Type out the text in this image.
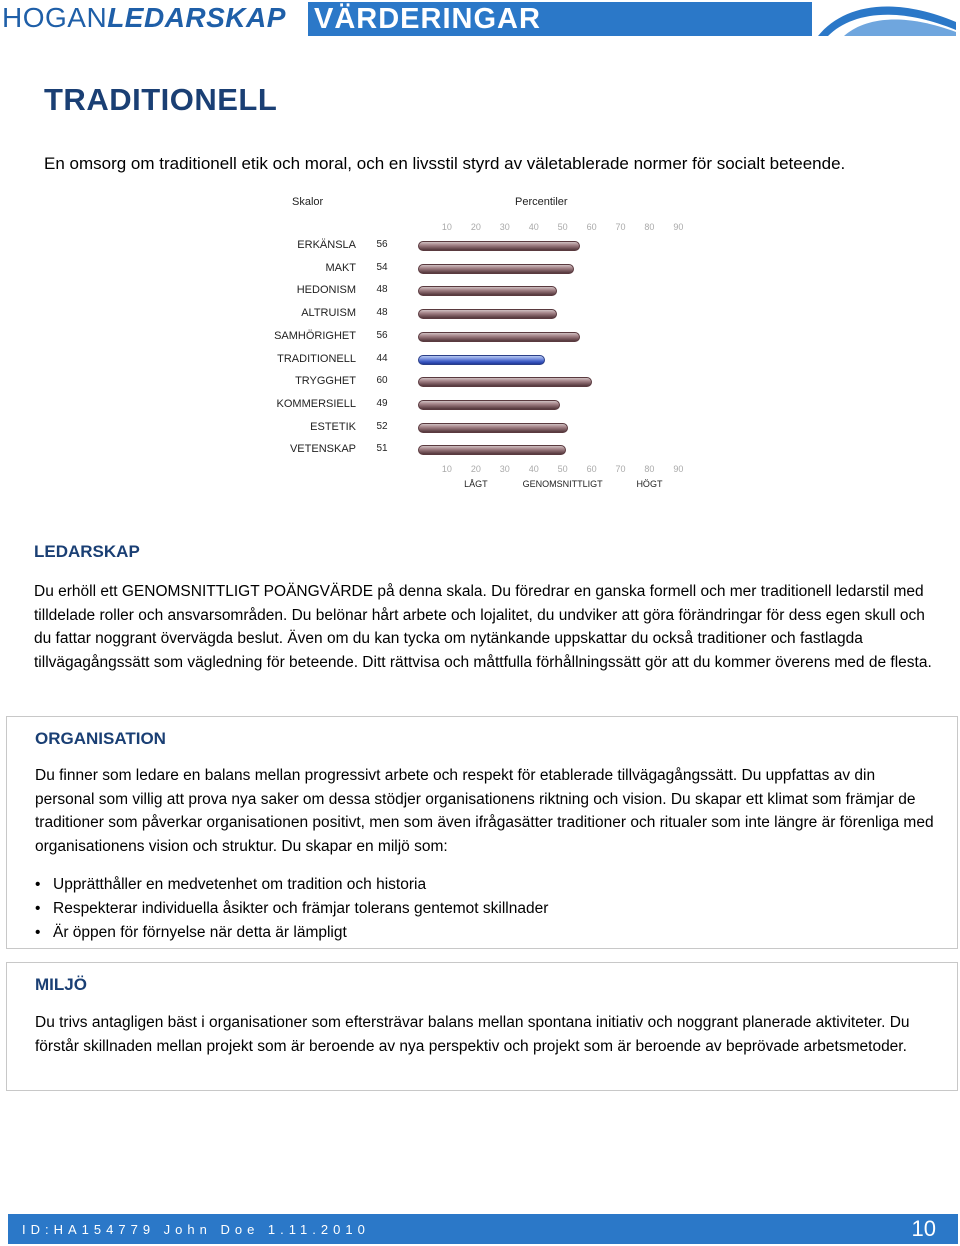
HOGANLEDARSKAP VÄRDERINGAR
TRADITIONELL
En omsorg om traditionell etik och moral, och en livsstil styrd av väletablerade normer för socialt beteende.
Skalor	Percentiler
10
10
20
20
30
30
40
40
50
50
60
60
70
70
80
80
90
90
ERKÄNSLA	56
MAKT	54
HEDONISM	48
ALTRUISM	48
SAMHÖRIGHET	56
TRADITIONELL	44
TRYGGHET	60
KOMMERSIELL	49
ESTETIK	52
VETENSKAP	51
LÅGT	GENOMSNITTLIGT	HÖGT
LEDARSKAP

Du erhöll ett GENOMSNITTLIGT POÄNGVÄRDE på denna skala. Du föredrar en ganska formell och mer traditionell ledarstil med tilldelade roller och ansvarsområden. Du belönar hårt arbete och lojalitet, du undviker att göra förändringar för dess egen skull och du fattar noggrant övervägda beslut. Även om du kan tycka om nytänkande uppskattar du också traditioner och fastlagda tillvägagångssätt som vägledning för beteende. Ditt rättvisa och måttfulla förhållningssätt gör att du kommer överens med de flesta.

ORGANISATION

Du finner som ledare en balans mellan progressivt arbete och respekt för etablerade tillvägagångssätt. Du uppfattas av din personal som villig att prova nya saker om dessa stödjer organisationens riktning och vision. Du skapar ett klimat som främjar de traditioner som påverkar organisationen positivt, men som även ifrågasätter traditioner och ritualer som inte längre är förenliga med organisationens vision och struktur. Du skapar en miljö som:

• Upprätthåller en medvetenhet om tradition och historia
• Respekterar individuella åsikter och främjar tolerans gentemot skillnader
• Är öppen för förnyelse när detta är lämpligt
MILJÖ

Du trivs antagligen bäst i organisationer som eftersträvar balans mellan spontana initiativ och noggrant planerade aktiviteter. Du förstår skillnaden mellan projekt som är beroende av nya perspektiv och projekt som är beroende av beprövade arbetsmetoder.

ID:HA154779 John Doe 1.11.2010	10
